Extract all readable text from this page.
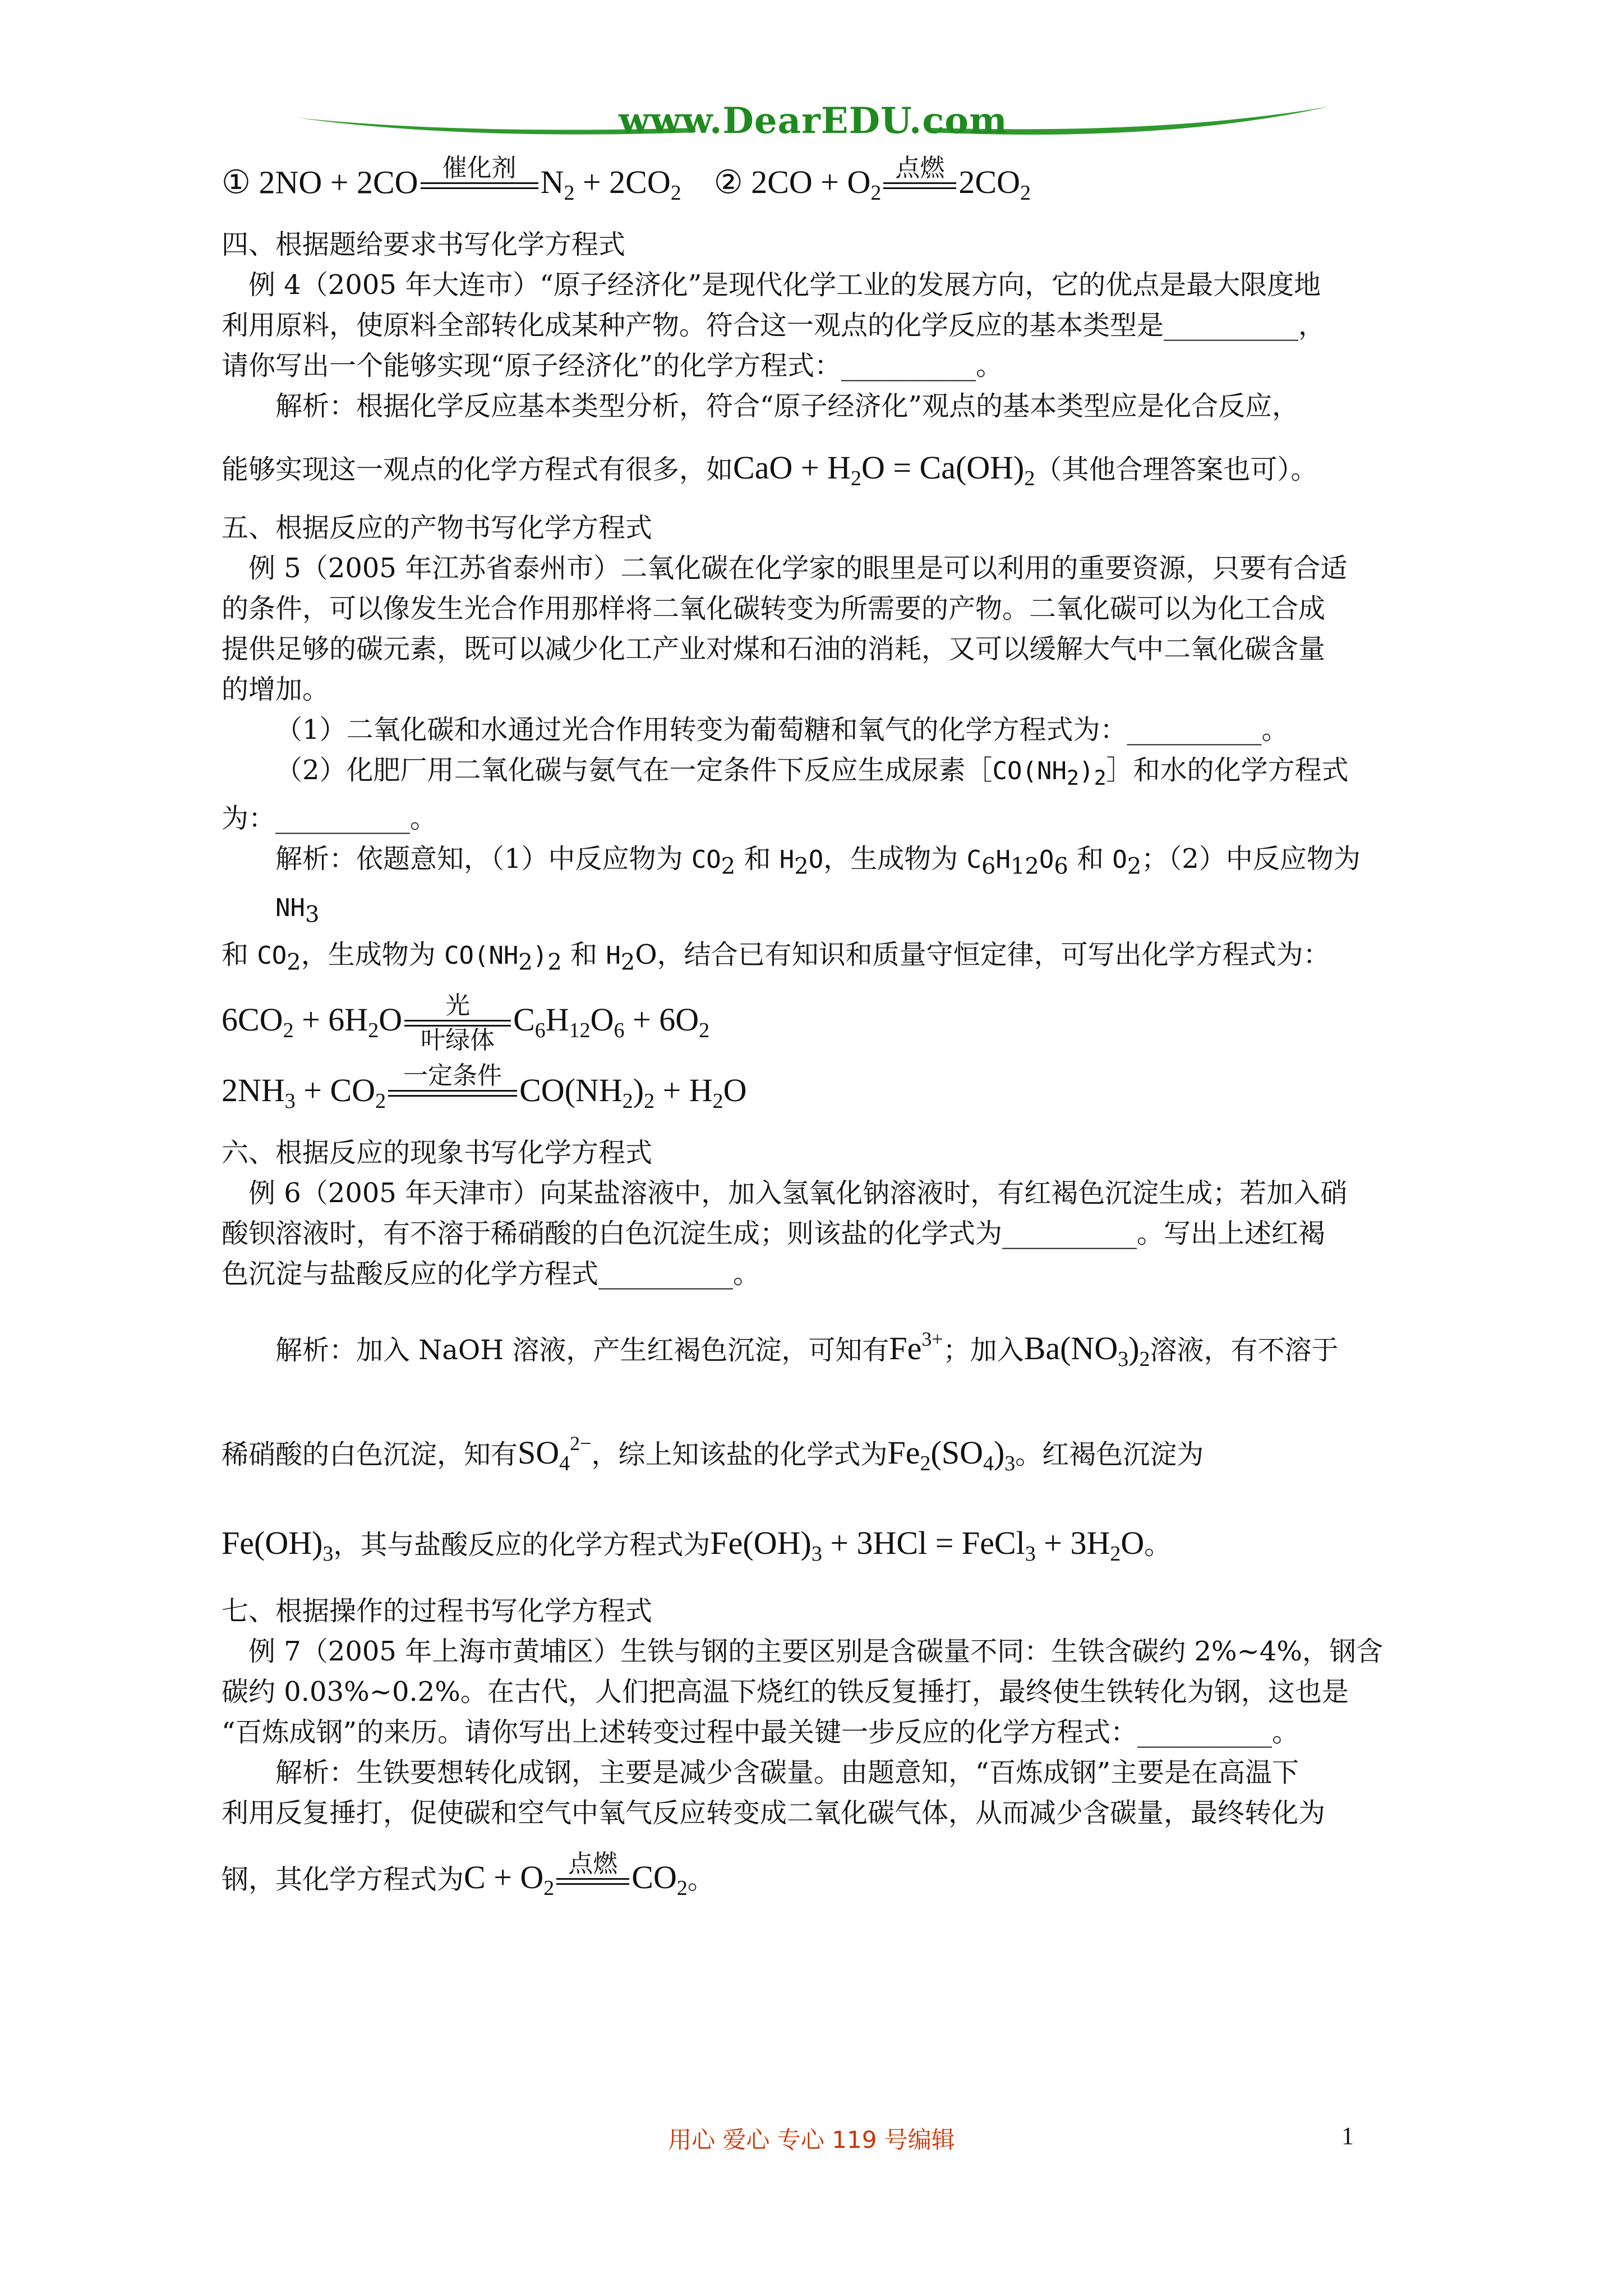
www.DearEDU.com
① 2NO + 2CO 催化剂 $N_2 + 2CO_2$ ② $2CO + O_2$
点燃 $2CO_2$
四、根据题给要求书写化学方程式
例 4（2005 年大连市）“原子经济化”是现代化学工业的发展方向，它的优点是最大限度地
利用原料，使原料全部转化成某种产物。符合这一观点的化学反应的基本类型是__________，
请你写出一个能够实现“原子经济化”的化学方程式：__________。
解析：根据化学反应基本类型分析，符合“原子经济化”观点的基本类型应是化合反应，
能够实现这一观点的化学方程式有很多，如CaO + $H_2O = Ca(OH)_2$（其他合理答案也可）。
五、根据反应的产物书写化学方程式
例 5（2005 年江苏省泰州市）二氧化碳在化学家的眼里是可以利用的重要资源，只要有合适
的条件，可以像发生光合作用那样将二氧化碳转变为所需要的产物。二氧化碳可以为化工合成
提供足够的碳元素，既可以减少化工产业对煤和石油的消耗，又可以缓解大气中二氧化碳含量
的增加。
（1）二氧化碳和水通过光合作用转变为葡萄糖和氧气的化学方程式为：__________。
（2）化肥厂用二氧化碳与氨气在一定条件下反应生成尿素$[CO(NH_2)_2]$和水的化学方程式
为：__________。
解析：依题意知，（1）中反应物为 $CO_2$ 和 $H_2O$，生成物为 $C_6H_{12}O_6$ 和 $O_2$；（2）中反应物为 $NH_3$
和 $CO_2$，生成物为 $CO(NH_2)_2$ 和 $H_2O$，结合已有知识和质量守恒定律，可写出化学方程式为：
$6CO_2 + 6H_2O$	光
叶绿体
$C_6H_{12}O_6 + 6O_2$
$2NH_3 + CO_2$
一定条件 $CO(NH_2)_2 + H_2O$
六、根据反应的现象书写化学方程式
例 6（2005 年天津市）向某盐溶液中，加入氢氧化钠溶液时，有红褐色沉淀生成；若加入硝
酸钡溶液时，有不溶于稀硝酸的白色沉淀生成；则该盐的化学式为__________。写出上述红褐
色沉淀与盐酸反应的化学方程式__________。
解析：加入 NaOH 溶液，产生红褐色沉淀，可知有$Fe^{3+}$；加入$Ba(NO_3)_2$溶液，有不溶于
稀硝酸的白色沉淀，知有$SO_4^{2-}$，综上知该盐的化学式为$Fe_2(SO_4)_3$。红褐色沉淀为
$Fe(OH)_3$，其与盐酸反应的化学方程式为$Fe(OH)_3 + 3HCl$ = FeCl$_3$ + $3H_2O$。
七、根据操作的过程书写化学方程式
例 7（2005 年上海市黄埔区）生铁与钢的主要区别是含碳量不同：生铁含碳约 2%~4%，钢含
碳约 0.03%~0.2%。在古代，人们把高温下烧红的铁反复捶打，最终使生铁转化为钢，这也是
“百炼成钢”的来历。请你写出上述转变过程中最关键一步反应的化学方程式：__________。
解析：生铁要想转化成钢，主要是减少含碳量。由题意知，“百炼成钢”主要是在高温下
利用反复捶打，促使碳和空气中氧气反应转变成二氧化碳气体，从而减少含碳量，最终转化为
钢，其化学方程式为$C + O_2$
点燃 $CO_2$。
用心 爱心 专心 119 号编辑	1
